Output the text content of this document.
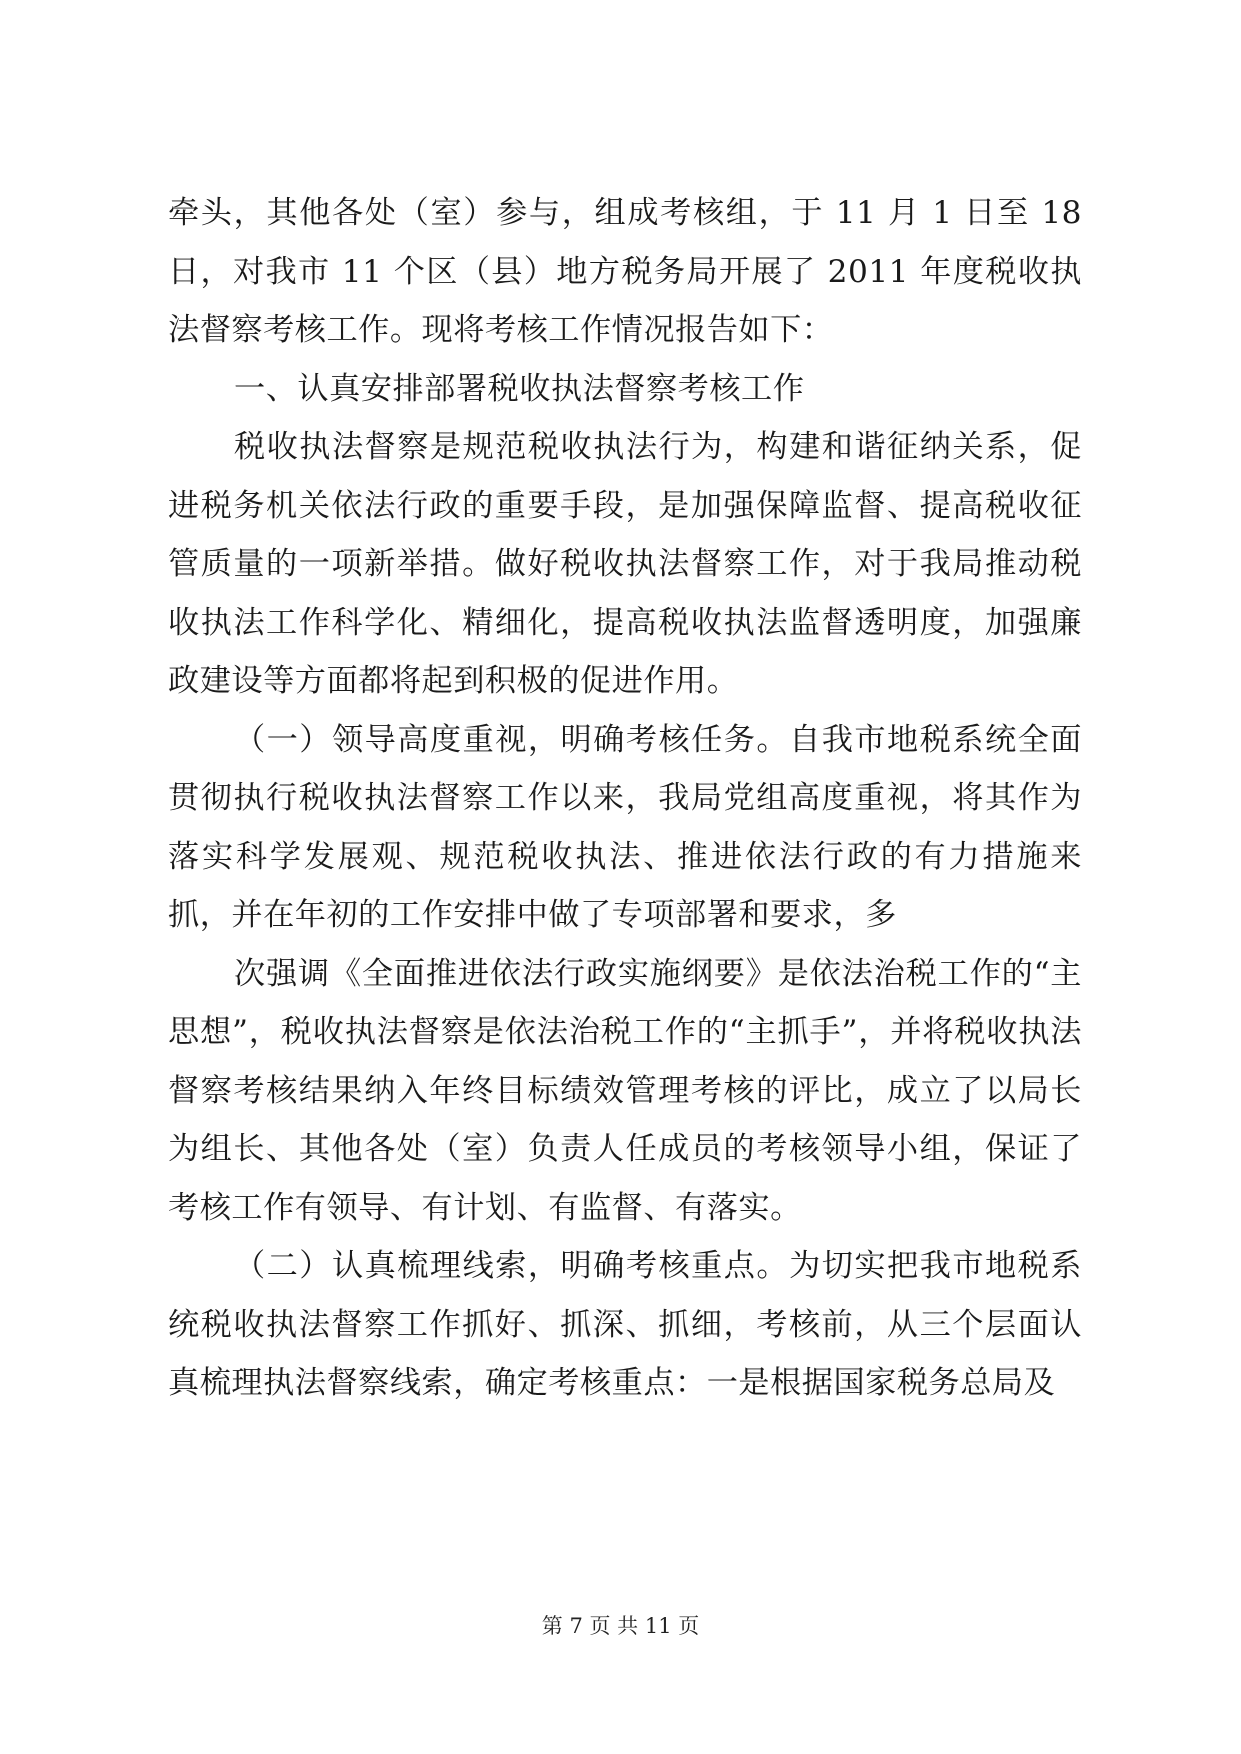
牵头，其他各处（室）参与，组成考核组，于 11 月 1 日至 18 日，对我市 11 个区（县）地方税务局开展了 2011 年度税收执法督察考核工作。现将考核工作情况报告如下：

一、认真安排部署税收执法督察考核工作

税收执法督察是规范税收执法行为，构建和谐征纳关系，促进税务机关依法行政的重要手段，是加强保障监督、提高税收征管质量的一项新举措。做好税收执法督察工作，对于我局推动税收执法工作科学化、精细化，提高税收执法监督透明度，加强廉政建设等方面都将起到积极的促进作用。

（一）领导高度重视，明确考核任务。自我市地税系统全面贯彻执行税收执法督察工作以来，我局党组高度重视，将其作为落实科学发展观、规范税收执法、推进依法行政的有力措施来抓，并在年初的工作安排中做了专项部署和要求，多

次强调《全面推进依法行政实施纲要》是依法治税工作的“主思想”，税收执法督察是依法治税工作的“主抓手”，并将税收执法督察考核结果纳入年终目标绩效管理考核的评比，成立了以局长为组长、其他各处（室）负责人任成员的考核领导小组，保证了考核工作有领导、有计划、有监督、有落实。

（二）认真梳理线索，明确考核重点。为切实把我市地税系统税收执法督察工作抓好、抓深、抓细，考核前，从三个层面认真梳理执法督察线索，确定考核重点：一是根据国家税务总局及

第 7 页 共 11 页
